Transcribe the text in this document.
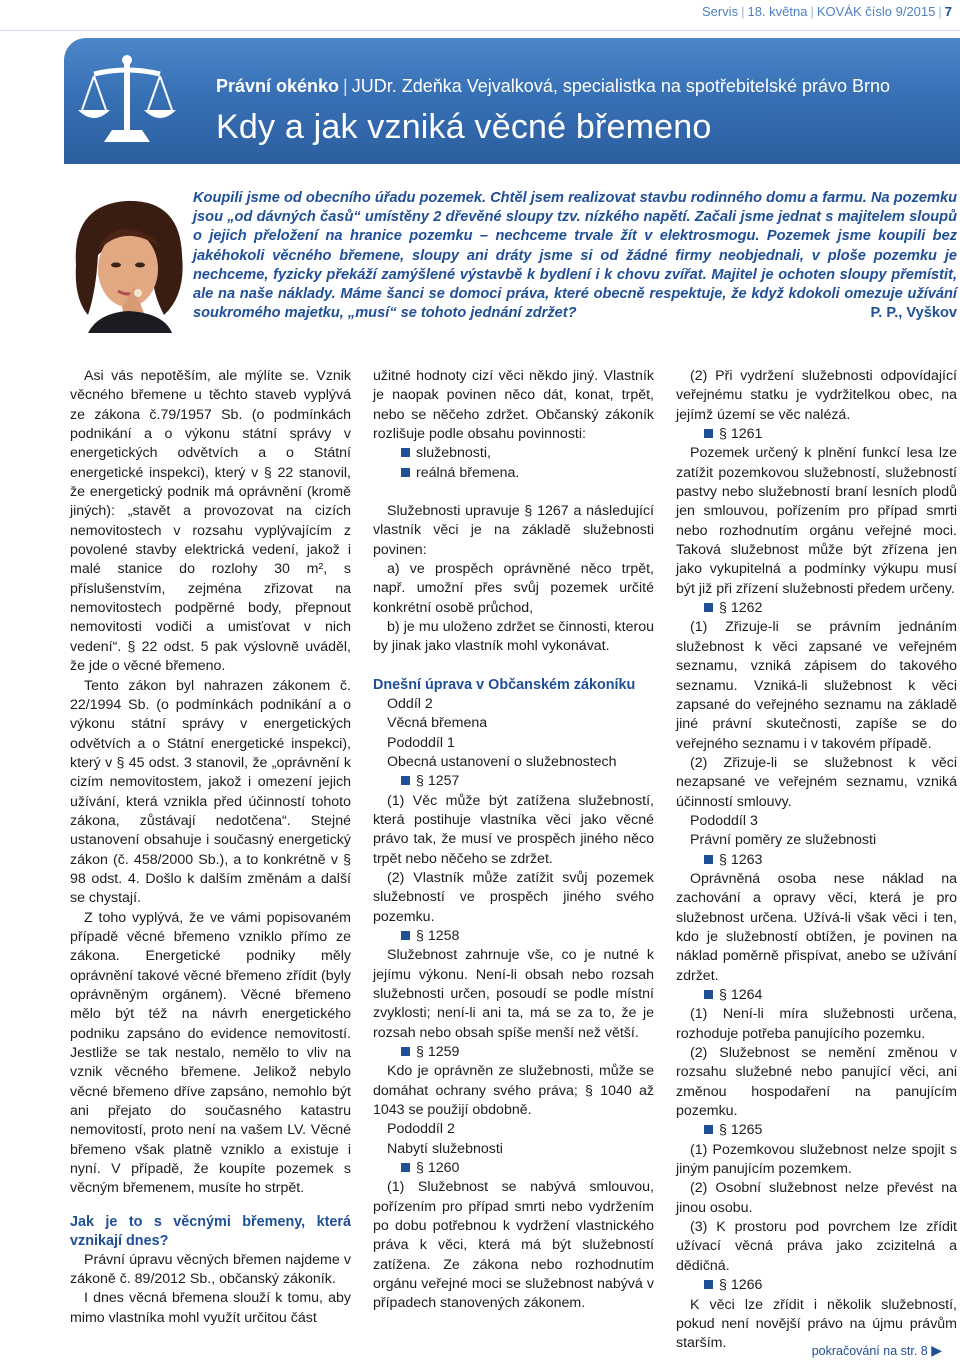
Servis | 18. května | KOVÁK číslo 9/2015 | 7
Právní okénko | JUDr. Zdeňka Vejvalková, specialistka na spotřebitelské právo Brno
Kdy a jak vzniká věcné břemeno

Koupili jsme od obecního úřadu pozemek. Chtěl jsem realizovat stavbu rodinného domu a farmu. Na pozemku jsou „od dávných časů“ umístěny 2 dřevěné sloupy tzv. nízkého napětí. Začali jsme jednat s majitelem sloupů o jejich přeložení na hranice pozemku – nechceme trvale žít v elektrosmogu. Pozemek jsme koupili bez jakéhokoli věcného břemene, sloupy ani dráty jsme si od žádné firmy neobjednali, v ploše pozemku je nechceme, fyzicky překáží zamýšlené výstavbě k bydlení i k chovu zvířat. Majitel je ochoten sloupy přemístit, ale na naše náklady. Máme šanci se domoci práva, které obecně respektuje, že když kdokoli omezuje užívání soukromého majetku, „musí“ se tohoto jednání zdržet?	P. P., Vyškov

Asi vás nepotěším, ale mýlíte se. Vznik věcného břemene u těchto staveb vyplývá ze zákona č.79/1957 Sb. (o podmínkách podnikání a o výkonu státní správy v energetických odvětvích a o Státní energetické inspekci), který v § 22 stanovil, že energetický podnik má oprávnění (kromě jiných): „stavět a provozovat na cizích nemovitostech v rozsahu vyplývajícím z povolené stavby elektrická vedení, jakož i malé stanice do rozlohy 30 m², s příslušenstvím, zejména zřizovat na nemovitostech podpěrné body, přepnout nemovitosti vodiči a umisťovat v nich vedení“. § 22 odst. 5 pak výslovně uváděl, že jde o věcné břemeno.

Tento zákon byl nahrazen zákonem č. 22/1994 Sb. (o podmínkách podnikání a o výkonu státní správy v energetických odvětvích a o Státní energetické inspekci), který v § 45 odst. 3 stanovil, že „oprávnění k cizím nemovitostem, jakož i omezení jejich užívání, která vznikla před účinností tohoto zákona, zůstávají nedotčena“. Stejné ustanovení obsahuje i současný energetický zákon (č. 458/2000 Sb.), a to konkrétně v § 98 odst. 4. Došlo k dalším změnám a další se chystají.

Z toho vyplývá, že ve vámi popisovaném případě věcné břemeno vzniklo přímo ze zákona. Energetické podniky měly oprávnění takové věcné břemeno zřídit (byly oprávněným orgánem). Věcné břemeno mělo být též na návrh energetického podniku zapsáno do evidence nemovitostí. Jestliže se tak nestalo, nemělo to vliv na vznik věcného břemene. Jelikož nebylo věcné břemeno dříve zapsáno, nemohlo být ani přejato do současného katastru nemovitostí, proto není na vašem LV. Věcné břemeno však platně vzniklo a existuje i nyní. V případě, že koupíte pozemek s věcným břemenem, musíte ho strpět.

Jak je to s věcnými břemeny, která vznikají dnes?

Právní úpravu věcných břemen najdeme v zákoně č. 89/2012 Sb., občanský zákoník.

I dnes věcná břemena slouží k tomu, aby mimo vlastníka mohl využít určitou část

užitné hodnoty cizí věci někdo jiný. Vlastník je naopak povinen něco dát, konat, trpět, nebo se něčeho zdržet. Občanský zákoník rozlišuje podle obsahu povinnosti:

služebnosti,

reálná břemena.

Služebnosti upravuje § 1267 a následující vlastník věci je na základě služebnosti povinen:

a) ve prospěch oprávněné něco trpět, např. umožní přes svůj pozemek určité konkrétní osobě průchod,

b) je mu uloženo zdržet se činnosti, kterou by jinak jako vlastník mohl vykonávat.

Dnešní úprava v Občanském zákoníku

Oddíl 2

Věcná břemena

Pododdíl 1

Obecná ustanovení o služebnostech

§ 1257

(1) Věc může být zatížena služebností, která postihuje vlastníka věci jako věcné právo tak, že musí ve prospěch jiného něco trpět nebo něčeho se zdržet.

(2) Vlastník může zatížit svůj pozemek služebností ve prospěch jiného svého pozemku.

§ 1258

Služebnost zahrnuje vše, co je nutné k jejímu výkonu. Není-li obsah nebo rozsah služebnosti určen, posoudí se podle místní zvyklosti; není-li ani ta, má se za to, že je rozsah nebo obsah spíše menší než větší.

§ 1259

Kdo je oprávněn ze služebnosti, může se domáhat ochrany svého práva; § 1040 až 1043 se použijí obdobně.

Pododdíl 2

Nabytí služebnosti

§ 1260

(1) Služebnost se nabývá smlouvou, pořízením pro případ smrti nebo vydržením po dobu potřebnou k vydržení vlastnického práva k věci, která má být služebností zatížena. Ze zákona nebo rozhodnutím orgánu veřejné moci se služebnost nabývá v případech stanovených zákonem.

(2) Při vydržení služebnosti odpovídající veřejnému statku je vydržitelkou obec, na jejímž území se věc nalézá.

§ 1261

Pozemek určený k plnění funkcí lesa lze zatížit pozemkovou služebností, služebností pastvy nebo služebností braní lesních plodů jen smlouvou, pořízením pro případ smrti nebo rozhodnutím orgánu veřejné moci. Taková služebnost může být zřízena jen jako vykupitelná a podmínky výkupu musí být již při zřízení služebnosti předem určeny.

§ 1262

(1) Zřizuje-li se právním jednáním služebnost k věci zapsané ve veřejném seznamu, vzniká zápisem do takového seznamu. Vzniká-li služebnost k věci zapsané do veřejného seznamu na základě jiné právní skutečnosti, zapíše se do veřejného seznamu i v takovém případě.

(2) Zřizuje-li se služebnost k věci nezapsané ve veřejném seznamu, vzniká účinností smlouvy.

Pododdíl 3

Právní poměry ze služebnosti

§ 1263

Oprávněná osoba nese náklad na zachování a opravy věci, která je pro služebnost určena. Užívá-li však věci i ten, kdo je služebností obtížen, je povinen na náklad poměrně přispívat, anebo se užívání zdržet.

§ 1264

(1) Není-li míra služebnosti určena, rozhoduje potřeba panujícího pozemku.

(2) Služebnost se nemění změnou v rozsahu služebné nebo panující věci, ani změnou hospodaření na panujícím pozemku.

§ 1265

(1) Pozemkovou služebnost nelze spojit s jiným panujícím pozemkem.

(2) Osobní služebnost nelze převést na jinou osobu.

(3) K prostoru pod povrchem lze zřídit užívací věcná práva jako zcizitelná a dědičná.

§ 1266

K věci lze zřídit i několik služebností, pokud není novější právo na újmu právům starším.	pokračování na str. 8 ▶
